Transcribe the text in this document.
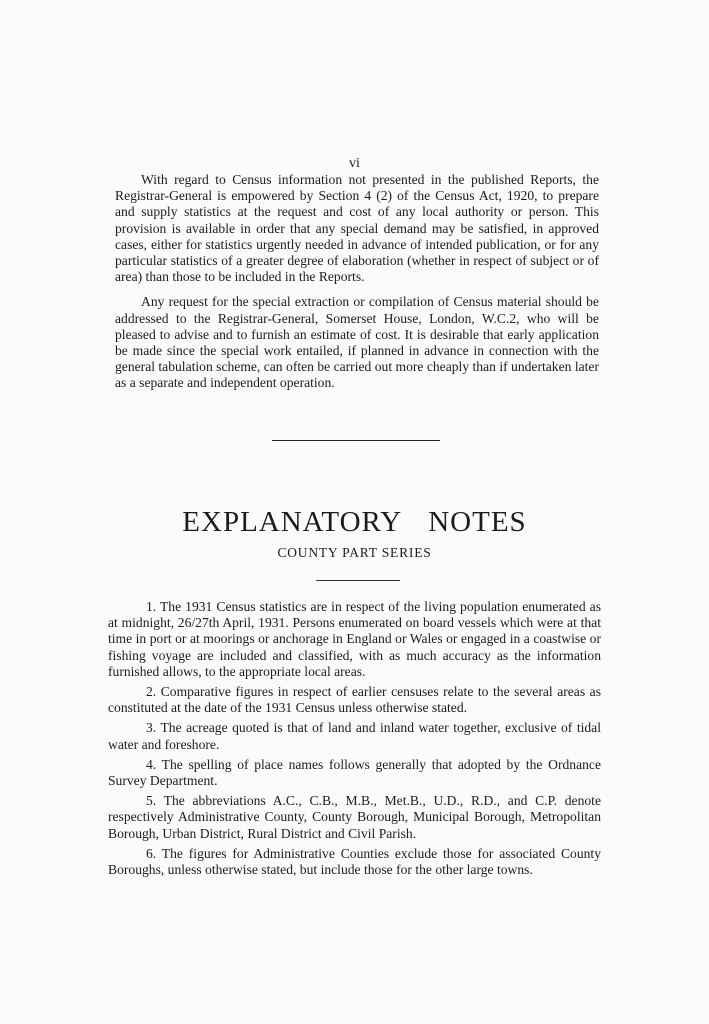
vi

With regard to Census information not presented in the published Reports, the Registrar-General is empowered by Section 4 (2) of the Census Act, 1920, to prepare and supply statistics at the request and cost of any local authority or person. This provision is available in order that any special demand may be satisfied, in approved cases, either for statistics urgently needed in advance of intended publication, or for any particular statistics of a greater degree of elaboration (whether in respect of subject or of area) than those to be included in the Reports.

Any request for the special extraction or compilation of Census material should be addressed to the Registrar-General, Somerset House, London, W.C.2, who will be pleased to advise and to furnish an estimate of cost. It is desirable that early application be made since the special work entailed, if planned in advance in connection with the general tabulation scheme, can often be carried out more cheaply than if undertaken later as a separate and independent operation.

EXPLANATORY NOTES
COUNTY PART SERIES

1. The 1931 Census statistics are in respect of the living population enumerated as at midnight, 26/27th April, 1931. Persons enumerated on board vessels which were at that time in port or at moorings or anchorage in England or Wales or engaged in a coastwise or fishing voyage are included and classified, with as much accuracy as the information furnished allows, to the appropriate local areas.

2. Comparative figures in respect of earlier censuses relate to the several areas as constituted at the date of the 1931 Census unless otherwise stated.

3. The acreage quoted is that of land and inland water together, exclusive of tidal water and foreshore.

4. The spelling of place names follows generally that adopted by the Ordnance Survey Department.

5. The abbreviations A.C., C.B., M.B., Met.B., U.D., R.D., and C.P. denote respectively Administrative County, County Borough, Municipal Borough, Metropolitan Borough, Urban District, Rural District and Civil Parish.

6. The figures for Administrative Counties exclude those for associated County Boroughs, unless otherwise stated, but include those for the other large towns.
